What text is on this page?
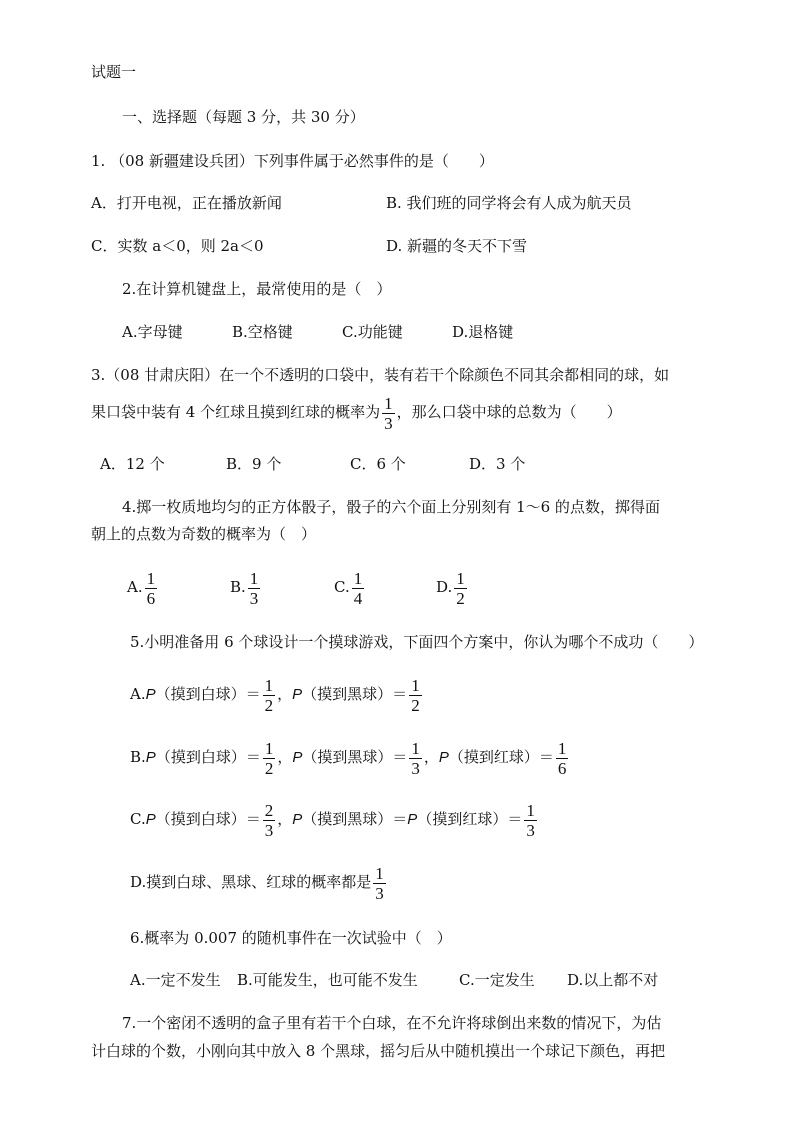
试题一
一、选择题（每题 3 分，共 30 分）
1. （08 新疆建设兵团）下列事件属于必然事件的是（　　）
A．打开电视，正在播放新闻	B. 我们班的同学将会有人成为航天员
C．实数 a＜0，则 2a＜0	D. 新疆的冬天不下雪
2.在计算机键盘上，最常使用的是（　）
A.字母键	B.空格键	C.功能键	D.退格键
3.（08 甘肃庆阳）在一个不透明的口袋中，装有若干个除颜色不同其余都相同的球，如
果口袋中装有 4 个红球且摸到红球的概率为 $\frac{1}{3}$ ，那么口袋中球的总数为（　　）
A．12 个	B．9 个	C．6 个	D．3 个
4.掷一枚质地均匀的正方体骰子，骰子的六个面上分别刻有 1～6 的点数，掷得面
朝上的点数为奇数的概率为（　）
A. $\frac{1}{6}$	B. $\frac{1}{3}$	C. $\frac{1}{4}$	D. $\frac{1}{2}$
5.小明准备用 6 个球设计一个摸球游戏，下面四个方案中，你认为哪个不成功（　　）
A.P（摸到白球）＝ $\frac{1}{2}$ ，P（摸到黑球）＝ $\frac{1}{2}$
B.P（摸到白球）＝ $\frac{1}{2}$ ，P（摸到黑球）＝ $\frac{1}{3}$ ，P（摸到红球）＝ $\frac{1}{6}$
C.P（摸到白球）＝ $\frac{2}{3}$ ，P（摸到黑球）＝P（摸到红球）＝ $\frac{1}{3}$
D.摸到白球、黑球、红球的概率都是 $\frac{1}{3}$
6.概率为 0.007 的随机事件在一次试验中（　）
A.一定不发生 B.可能发生，也可能不发生	C.一定发生 D.以上都不对
7.一个密闭不透明的盒子里有若干个白球，在不允许将球倒出来数的情况下，为估
计白球的个数，小刚向其中放入 8 个黑球，摇匀后从中随机摸出一个球记下颜色，再把
